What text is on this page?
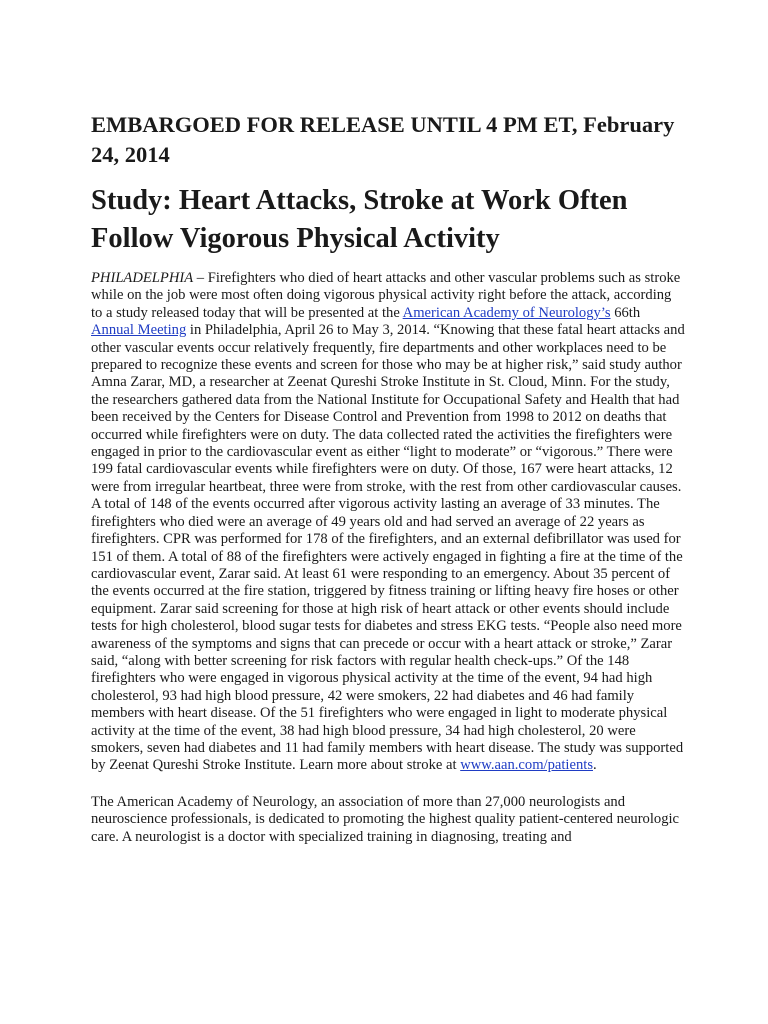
EMBARGOED FOR RELEASE UNTIL 4 PM ET, February 24, 2014
Study: Heart Attacks, Stroke at Work Often Follow Vigorous Physical Activity

PHILADELPHIA – Firefighters who died of heart attacks and other vascular problems such as stroke while on the job were most often doing vigorous physical activity right before the attack, according to a study released today that will be presented at the American Academy of Neurology’s 66th Annual Meeting in Philadelphia, April 26 to May 3, 2014. “Knowing that these fatal heart attacks and other vascular events occur relatively frequently, fire departments and other workplaces need to be prepared to recognize these events and screen for those who may be at higher risk,” said study author Amna Zarar, MD, a researcher at Zeenat Qureshi Stroke Institute in St. Cloud, Minn. For the study, the researchers gathered data from the National Institute for Occupational Safety and Health that had been received by the Centers for Disease Control and Prevention from 1998 to 2012 on deaths that occurred while firefighters were on duty. The data collected rated the activities the firefighters were engaged in prior to the cardiovascular event as either “light to moderate” or “vigorous.” There were 199 fatal cardiovascular events while firefighters were on duty. Of those, 167 were heart attacks, 12 were from irregular heartbeat, three were from stroke, with the rest from other cardiovascular causes. A total of 148 of the events occurred after vigorous activity lasting an average of 33 minutes. The firefighters who died were an average of 49 years old and had served an average of 22 years as firefighters. CPR was performed for 178 of the firefighters, and an external defibrillator was used for 151 of them. A total of 88 of the firefighters were actively engaged in fighting a fire at the time of the cardiovascular event, Zarar said. At least 61 were responding to an emergency. About 35 percent of the events occurred at the fire station, triggered by fitness training or lifting heavy fire hoses or other equipment. Zarar said screening for those at high risk of heart attack or other events should include tests for high cholesterol, blood sugar tests for diabetes and stress EKG tests. “People also need more awareness of the symptoms and signs that can precede or occur with a heart attack or stroke,” Zarar said, “along with better screening for risk factors with regular health check-ups.” Of the 148 firefighters who were engaged in vigorous physical activity at the time of the event, 94 had high cholesterol, 93 had high blood pressure, 42 were smokers, 22 had diabetes and 46 had family members with heart disease. Of the 51 firefighters who were engaged in light to moderate physical activity at the time of the event, 38 had high blood pressure, 34 had high cholesterol, 20 were smokers, seven had diabetes and 11 had family members with heart disease. The study was supported by Zeenat Qureshi Stroke Institute. Learn more about stroke at www.aan.com/patients.

The American Academy of Neurology, an association of more than 27,000 neurologists and neuroscience professionals, is dedicated to promoting the highest quality patient-centered neurologic care. A neurologist is a doctor with specialized training in diagnosing, treating and
